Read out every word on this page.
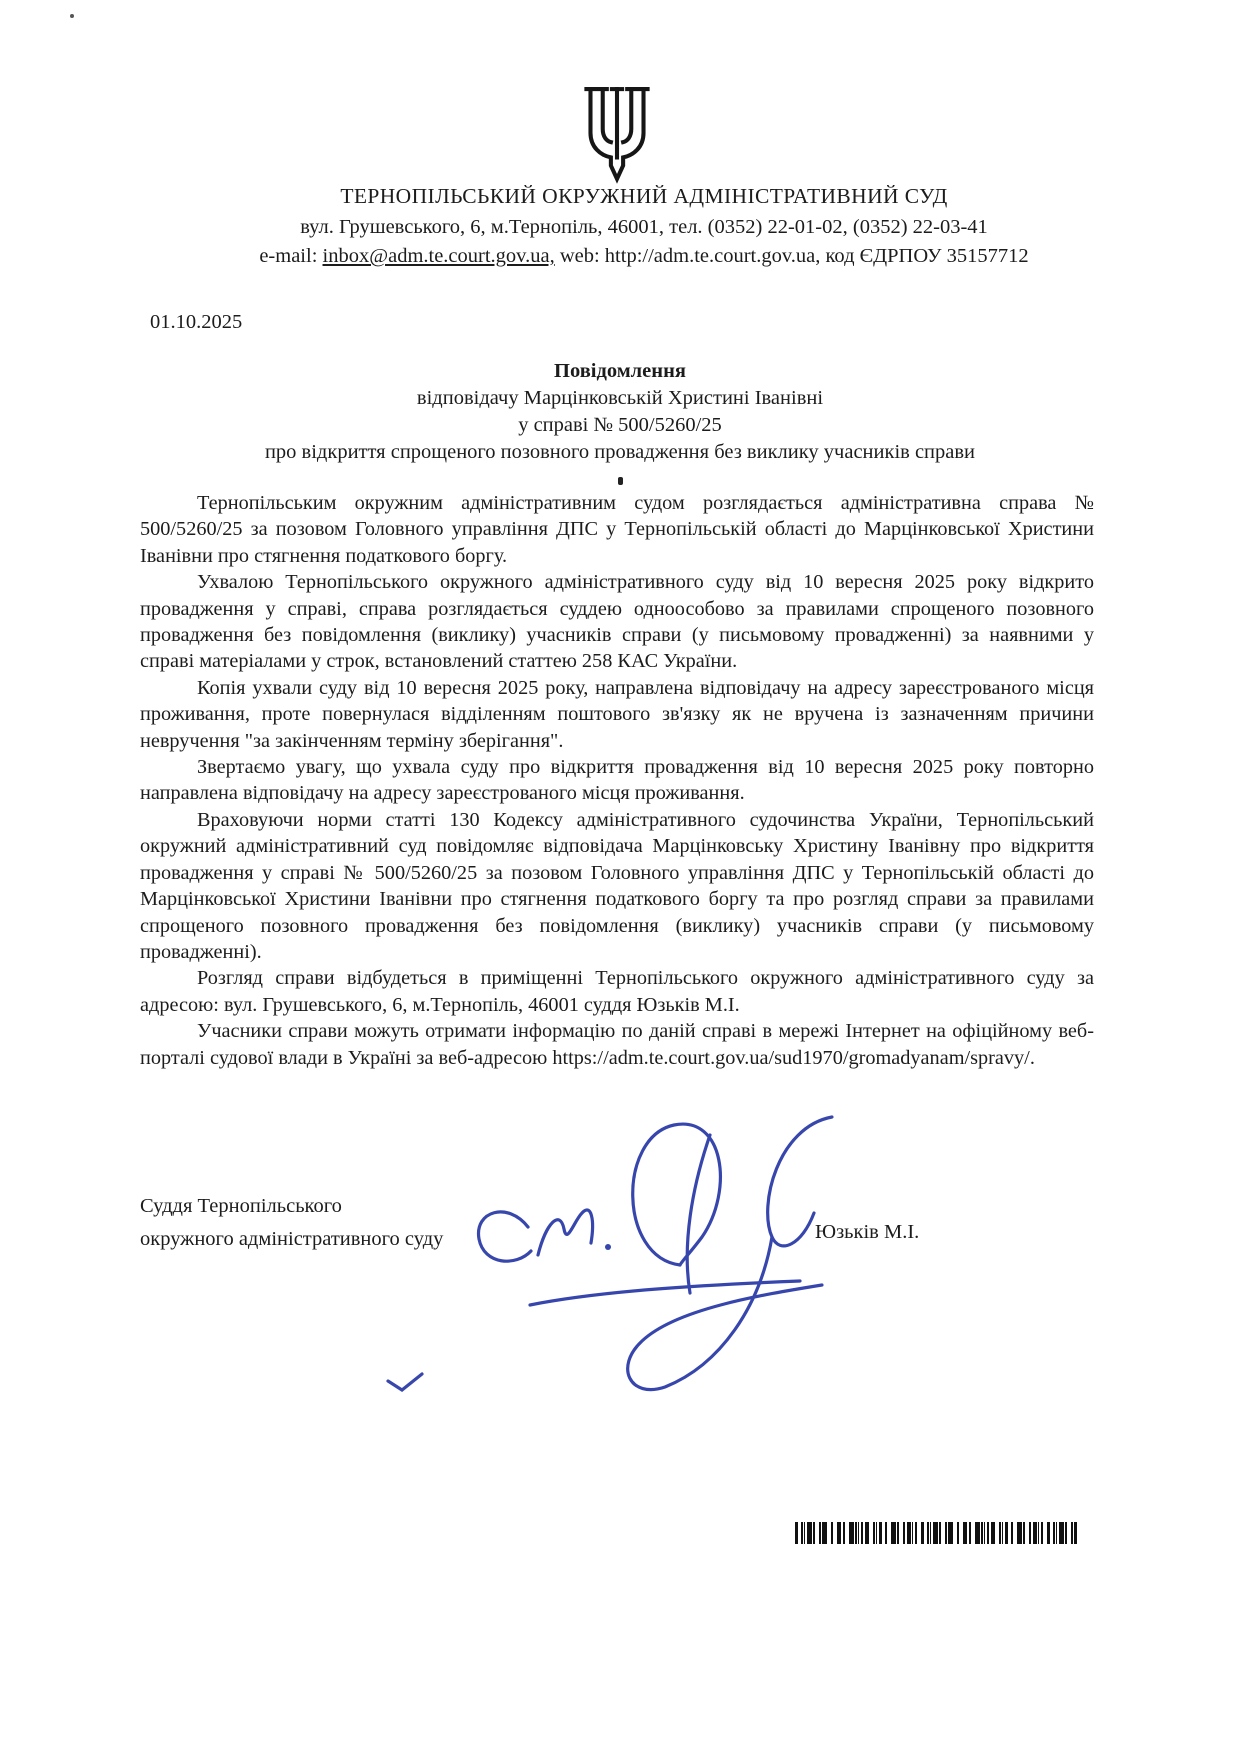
ТЕРНОПІЛЬСЬКИЙ ОКРУЖНИЙ АДМІНІСТРАТИВНИЙ СУД
вул. Грушевського, 6, м.Тернопіль, 46001, тел. (0352) 22-01-02, (0352) 22-03-41
e-mail: inbox@adm.te.court.gov.ua, web: http://adm.te.court.gov.ua, код ЄДРПОУ 35157712
01.10.2025
Повідомлення
відповідачу Марцінковській Христині Іванівні
у справі № 500/5260/25
про відкриття спрощеного позовного провадження без виклику учасників справи

Тернопільським окружним адміністративним судом розглядається адміністративна справа № 500/5260/25 за позовом Головного управління ДПС у Тернопільській області до Марцінковської Христини Іванівни про стягнення податкового боргу.

Ухвалою Тернопільського окружного адміністративного суду від 10 вересня 2025 року відкрито провадження у справі, справа розглядається суддею одноособово за правилами спрощеного позовного провадження без повідомлення (виклику) учасників справи (у письмовому провадженні) за наявними у справі матеріалами у строк, встановлений статтею 258 КАС України.

Копія ухвали суду від 10 вересня 2025 року, направлена відповідачу на адресу зареєстрованого місця проживання, проте повернулася відділенням поштового зв'язку як не вручена із зазначенням причини невручення "за закінченням терміну зберігання".

Звертаємо увагу, що ухвала суду про відкриття провадження від 10 вересня 2025 року повторно направлена відповідачу на адресу зареєстрованого місця проживання.

Враховуючи норми статті 130 Кодексу адміністративного судочинства України, Тернопільський окружний адміністративний суд повідомляє відповідача Марцінковську Христину Іванівну про відкриття провадження у справі № 500/5260/25 за позовом Головного управління ДПС у Тернопільській області до Марцінковської Христини Іванівни про стягнення податкового боргу та про розгляд справи за правилами спрощеного позовного провадження без повідомлення (виклику) учасників справи (у письмовому провадженні).

Розгляд справи відбудеться в приміщенні Тернопільського окружного адміністративного суду за адресою: вул. Грушевського, 6, м.Тернопіль, 46001 суддя Юзьків М.І.

Учасники справи можуть отримати інформацію по даній справі в мережі Інтернет на офіційному веб-порталі судової влади в Україні за веб-адресою https://adm.te.court.gov.ua/sud1970/gromadyanam/spravy/.

Суддя Тернопільського
окружного адміністративного суду	Юзьків М.І.
